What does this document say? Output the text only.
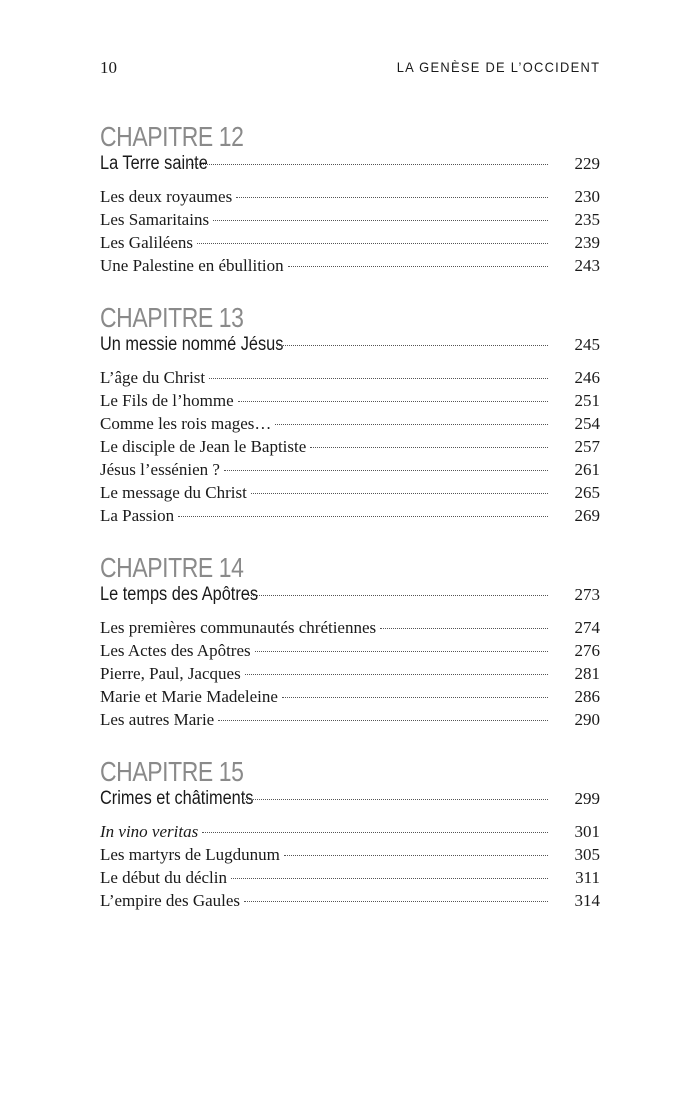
10	LA GENÈSE DE L’OCCIDENT
CHAPITRE 12
La Terre sainte	229
Les deux royaumes	230
Les Samaritains	235
Les Galiléens	239
Une Palestine en ébullition	243
CHAPITRE 13
Un messie nommé Jésus	245
L’âge du Christ	246
Le Fils de l’homme	251
Comme les rois mages…	254
Le disciple de Jean le Baptiste	257
Jésus l’essénien ?	261
Le message du Christ	265
La Passion	269
CHAPITRE 14
Le temps des Apôtres	273
Les premières communautés chrétiennes	274
Les Actes des Apôtres	276
Pierre, Paul, Jacques	281
Marie et Marie Madeleine	286
Les autres Marie	290
CHAPITRE 15
Crimes et châtiments	299
In vino veritas	301
Les martyrs de Lugdunum	305
Le début du déclin	311
L’empire des Gaules	314
